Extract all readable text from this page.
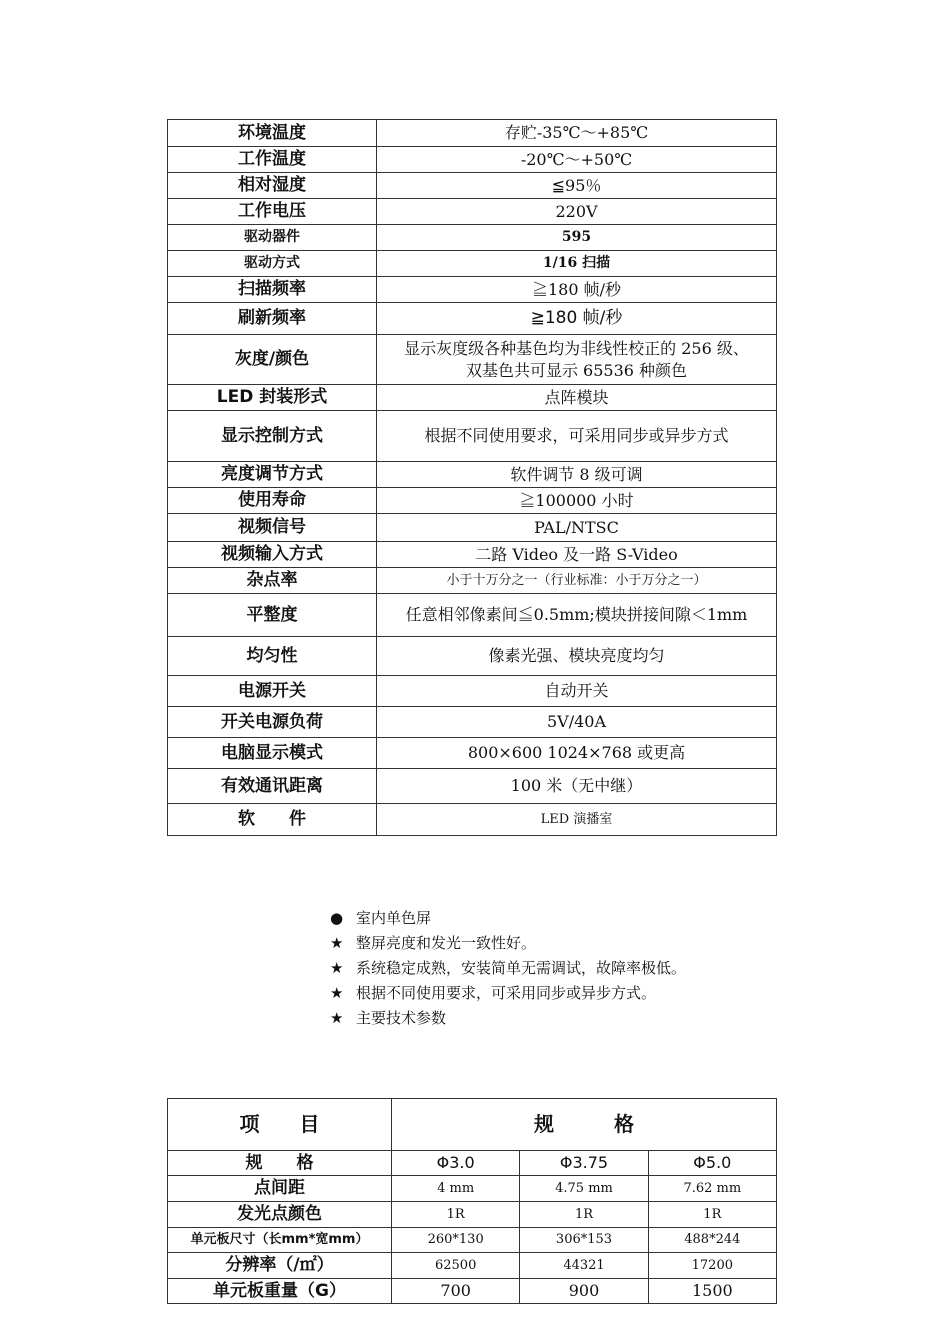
环境温度	存贮-35℃～+85℃
工作温度	-20℃～+50℃
相对湿度	≦95％
工作电压	220V
驱动器件	595
驱动方式	1/16 扫描
扫描频率	≧180 帧/秒
刷新频率	≧180 帧/秒
灰度/颜色	显示灰度级各种基色均为非线性校正的 256 级、双基色共可显示 65536 种颜色
LED 封装形式	点阵模块
显示控制方式	根据不同使用要求，可采用同步或异步方式
亮度调节方式	软件调节 8 级可调
使用寿命	≧100000 小时
视频信号	PAL/NTSC
视频输入方式	二路 Video 及一路 S-Video
杂点率	小于十万分之一（行业标准：小于万分之一）
平整度	任意相邻像素间≦0.5mm;模块拼接间隙＜1mm
均匀性	像素光强、模块亮度均匀
电源开关	自动开关
开关电源负荷	5V/40A
电脑显示模式	800×600 1024×768 或更高
有效通讯距离	100 米（无中继）
软　　件	LED 演播室
● 室内单色屏
★ 整屏亮度和发光一致性好。
★ 系统稳定成熟，安装简单无需调试，故障率极低。
★ 根据不同使用要求，可采用同步或异步方式。
★ 主要技术参数
项　　目	规　　　格		
规　　格	Φ3.0	Φ3.75	Φ5.0
点间距	4 mm	4.75 mm	7.62 mm
发光点颜色	1R	1R	1R
单元板尺寸（长mm*宽mm）	260*130	306*153	488*244
分辨率（/㎡）	62500	44321	17200
单元板重量（G）	700	900	1500
